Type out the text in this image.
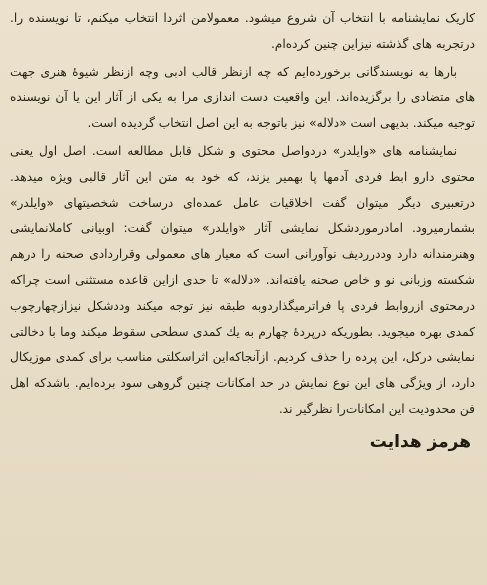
کاریک نمایشنامه با انتخاب آن شروع میشود. معمولامن اثردا انتخاب میکنم، تا نویسنده را. درتجربه های گذشته نیزاین چنین کرده‌ام.

بارها به نویسندگانی برخورده‌ایم که چه ازنظر قالب ادبی وچه ازنظر شیوهٔ هنری جهت های متضادی را برگزیده‌اند. این واقعیت دست اندازی مرا به یکی از آثار این یا آن نویسنده توجیه میکند. بدیهی است «دلاله» نیز باتوجه به این اصل انتخاب گردیده است.

نمایشنامه های «وایلدر» دردواصل محتوی و شکل قابل مطالعه است. اصل اول یعنی محتوی دارو ابط فردی آدمها پا بهمیر یزند، که خود به متن این آثار قالبی ویژه میدهد. درتعبیری دیگر میتوان گفت اخلاقیات عامل عمده‌ای درساخت شخصیتهای «وایلدر» بشمارمیرود. امادرموردشکل نمایشی آثار «وایلدر» میتوان گفت: اوبیانی کاملانمایشی وهنرمندانه دارد وددرردیف نوآورانی است که معیار های معمولی وقراردادی صحنه را درهم شکسته وزبانی نو و خاص صحنه یافته‌اند. «دلاله» تا حدی ازاین قاعده مستثنی است چراکه درمحتوی ازروابط فردی پا فراترمیگذاردوبه طبقه نیز توجه میکند وددشکل نیزازچهارچوب کمدی بهره میجوید. بطوریکه درپردهٔ چهارم به یك کمدی سطحی سقوط میکند وما با دخالتی نمایشی درکل، این پرده را حذف کردیم. ازآنجاکه‌این اثراسکلتی مناسب برای کمدی موزیکال دارد، از ویژگی های این نوع نمایش در حد امکانات چنین گروهی سود برده‌ایم. باشدکه اهل فن محدودیت این امکانات‌را نظرگیر ند.

هرمز هدایت
